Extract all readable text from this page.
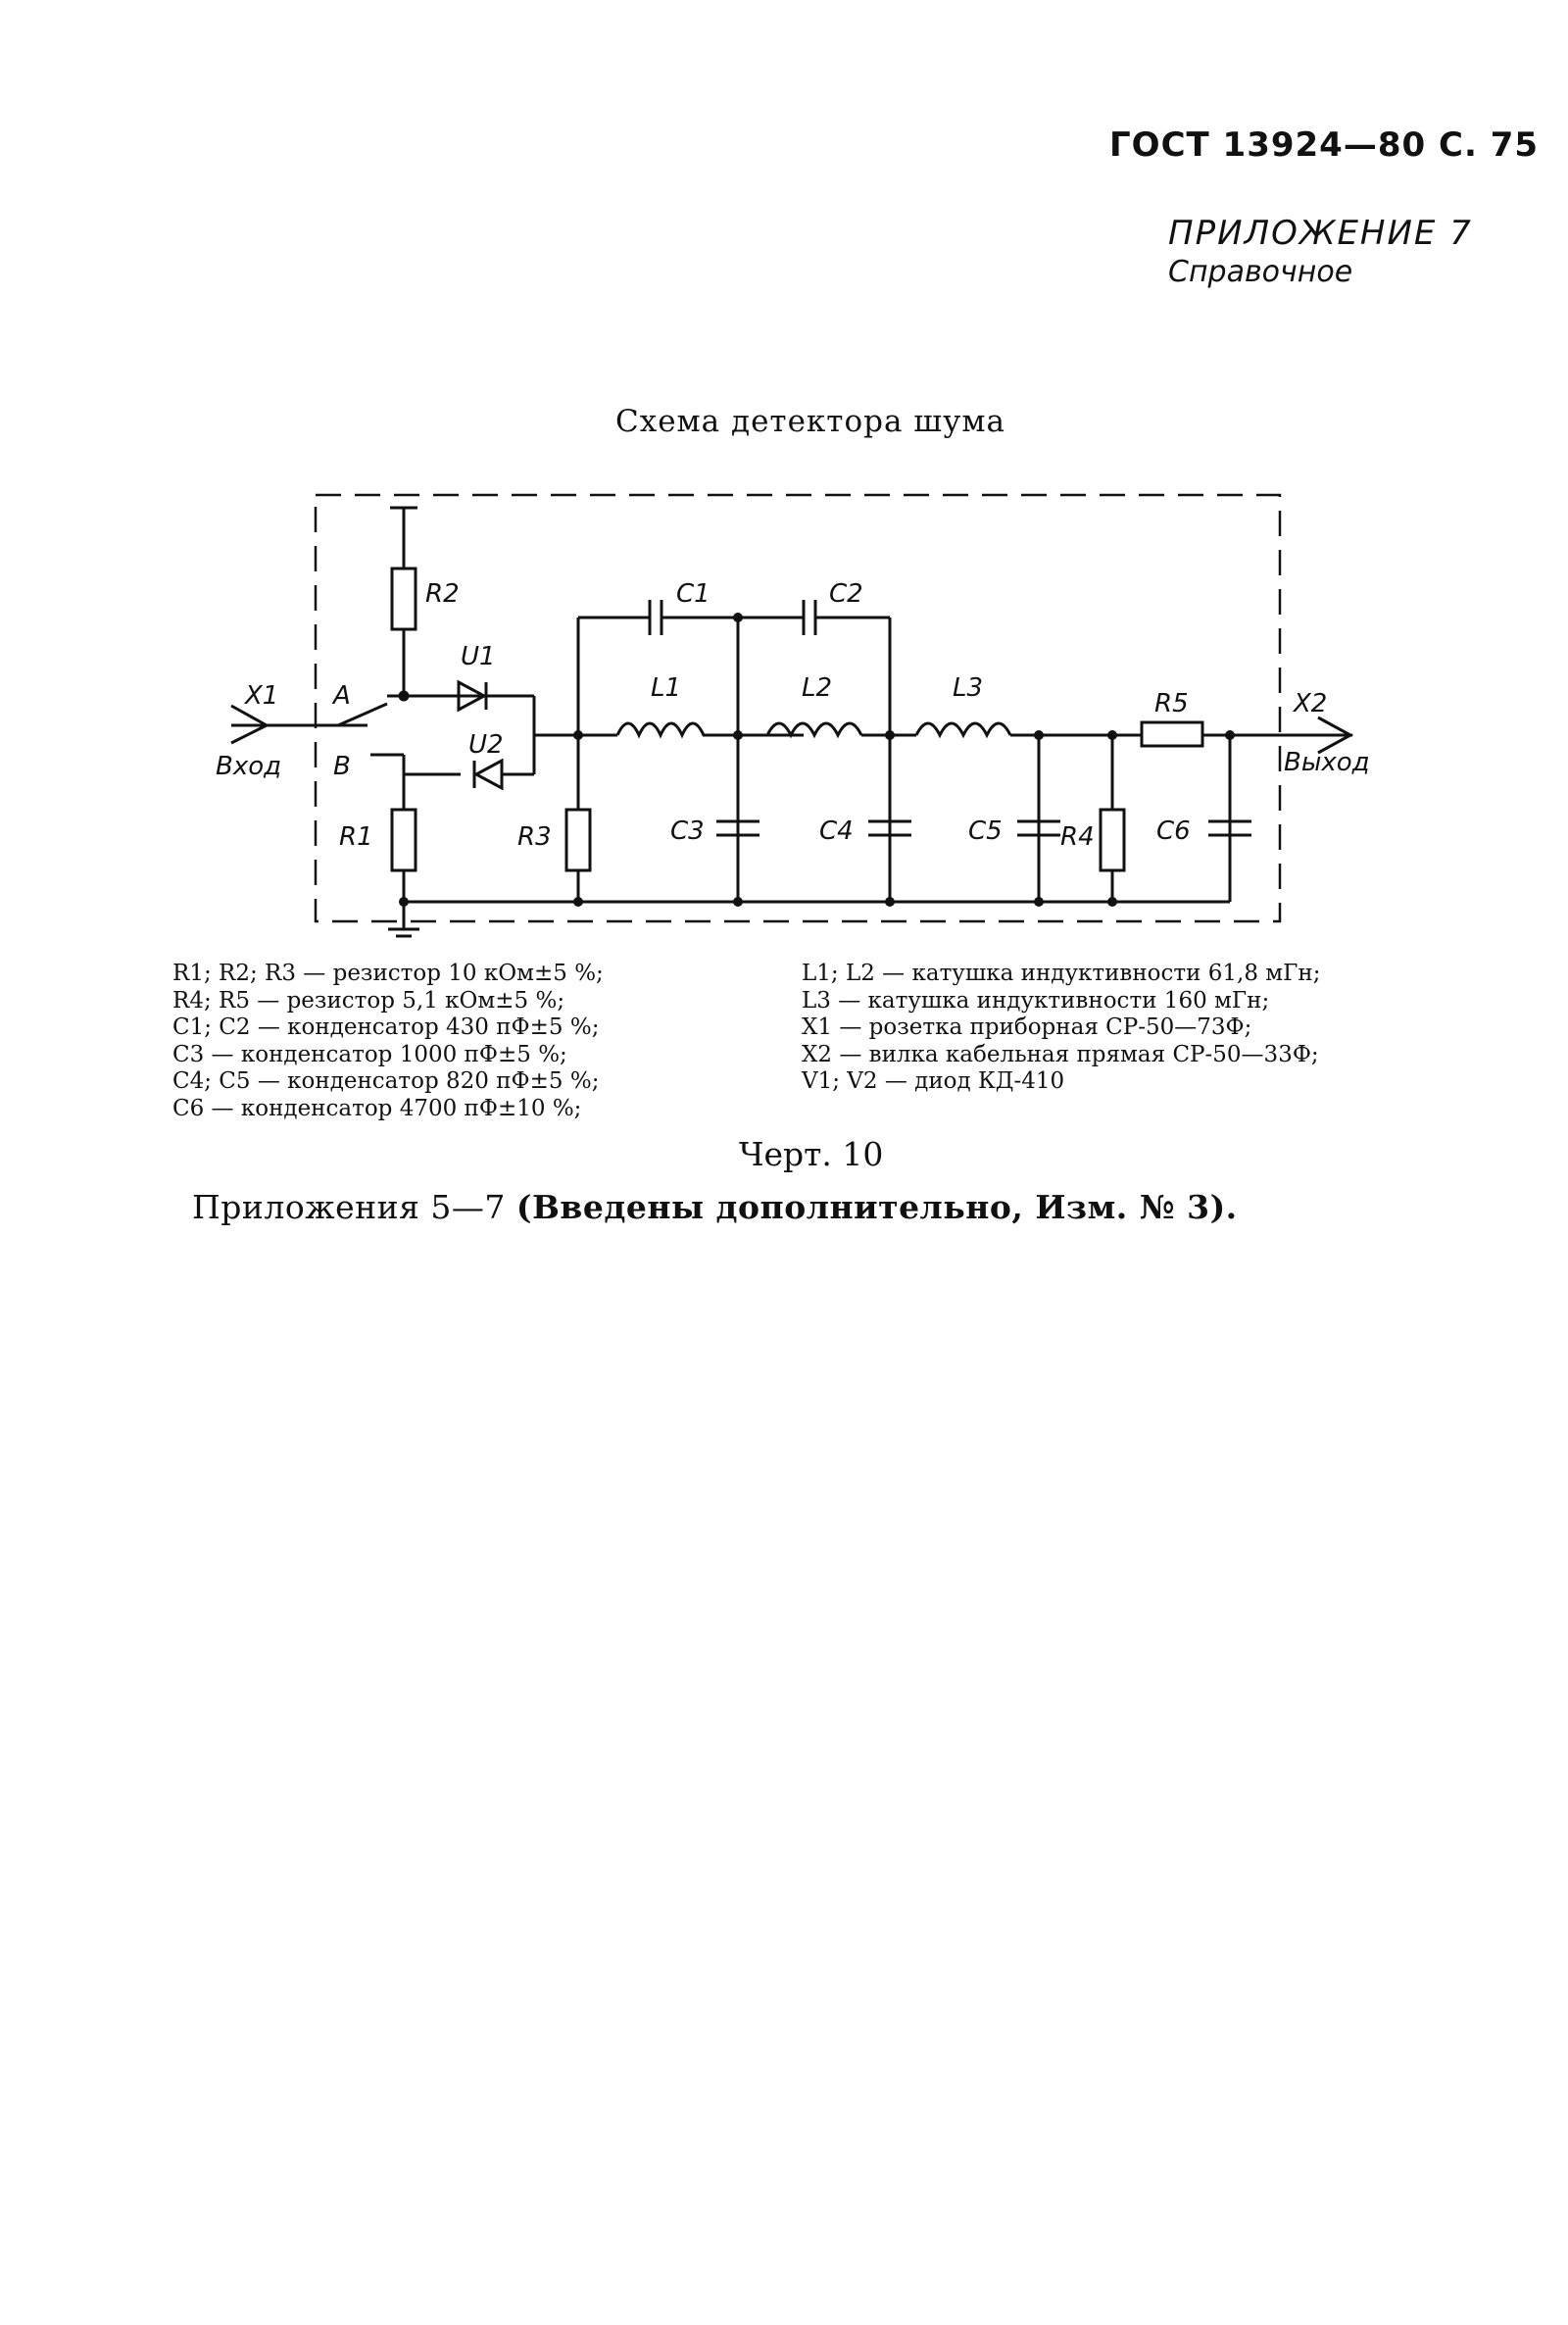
ГОСТ 13924—80 С. 75
ПРИЛОЖЕНИЕ 7
Справочное
Схема детектора шума
X1
Вход
A
B
R2
R1
U1
U2
R3
C1	C2
L1	L2	L3
C3	C4	C5 R4
R5
C6
X2
Выход
R1; R2; R3 — резистор 10 кОм±5 %;
R4; R5 — резистор 5,1 кОм±5 %;
C1; C2 — конденсатор 430 пФ±5 %;
C3 — конденсатор 1000 пФ±5 %;
C4; C5 — конденсатор 820 пФ±5 %;
C6 — конденсатор 4700 пФ±10 %;
L1; L2 — катушка индуктивности 61,8 мГн;
L3 — катушка индуктивности 160 мГн;
X1 — розетка приборная СР-50—73Ф;
X2 — вилка кабельная прямая СР-50—33Ф;
V1; V2 — диод КД-410
Черт. 10
Приложения 5—7 (Введены дополнительно, Изм. № 3).
